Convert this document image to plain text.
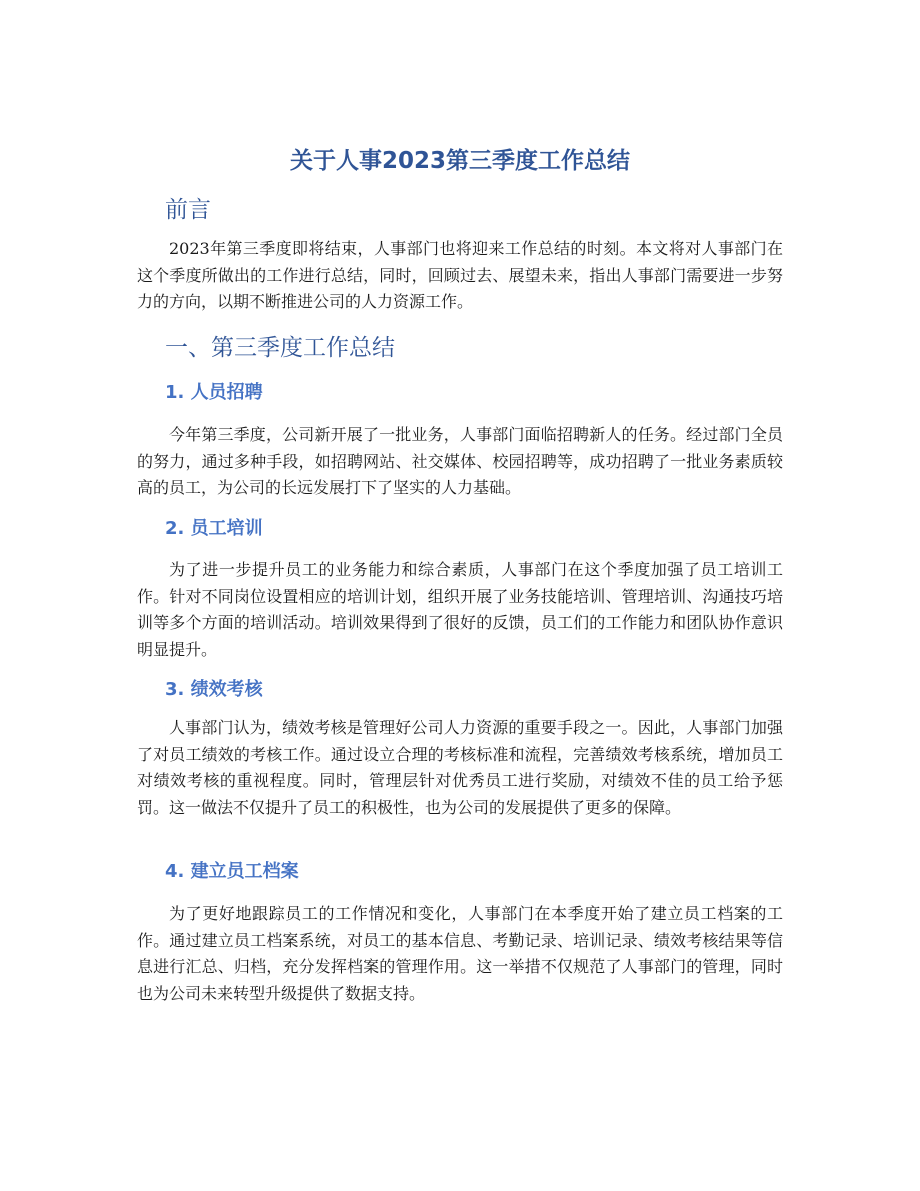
关于人事2023第三季度工作总结
前言

2023年第三季度即将结束，人事部门也将迎来工作总结的时刻。本文将对人事部门在这个季度所做出的工作进行总结，同时，回顾过去、展望未来，指出人事部门需要进一步努力的方向，以期不断推进公司的人力资源工作。

一、第三季度工作总结
1. 人员招聘

今年第三季度，公司新开展了一批业务，人事部门面临招聘新人的任务。经过部门全员的努力，通过多种手段，如招聘网站、社交媒体、校园招聘等，成功招聘了一批业务素质较高的员工，为公司的长远发展打下了坚实的人力基础。

2. 员工培训

为了进一步提升员工的业务能力和综合素质，人事部门在这个季度加强了员工培训工作。针对不同岗位设置相应的培训计划，组织开展了业务技能培训、管理培训、沟通技巧培训等多个方面的培训活动。培训效果得到了很好的反馈，员工们的工作能力和团队协作意识明显提升。

3. 绩效考核

人事部门认为，绩效考核是管理好公司人力资源的重要手段之一。因此，人事部门加强了对员工绩效的考核工作。通过设立合理的考核标准和流程，完善绩效考核系统，增加员工对绩效考核的重视程度。同时，管理层针对优秀员工进行奖励，对绩效不佳的员工给予惩罚。这一做法不仅提升了员工的积极性，也为公司的发展提供了更多的保障。

4. 建立员工档案

为了更好地跟踪员工的工作情况和变化，人事部门在本季度开始了建立员工档案的工作。通过建立员工档案系统，对员工的基本信息、考勤记录、培训记录、绩效考核结果等信息进行汇总、归档，充分发挥档案的管理作用。这一举措不仅规范了人事部门的管理，同时也为公司未来转型升级提供了数据支持。
